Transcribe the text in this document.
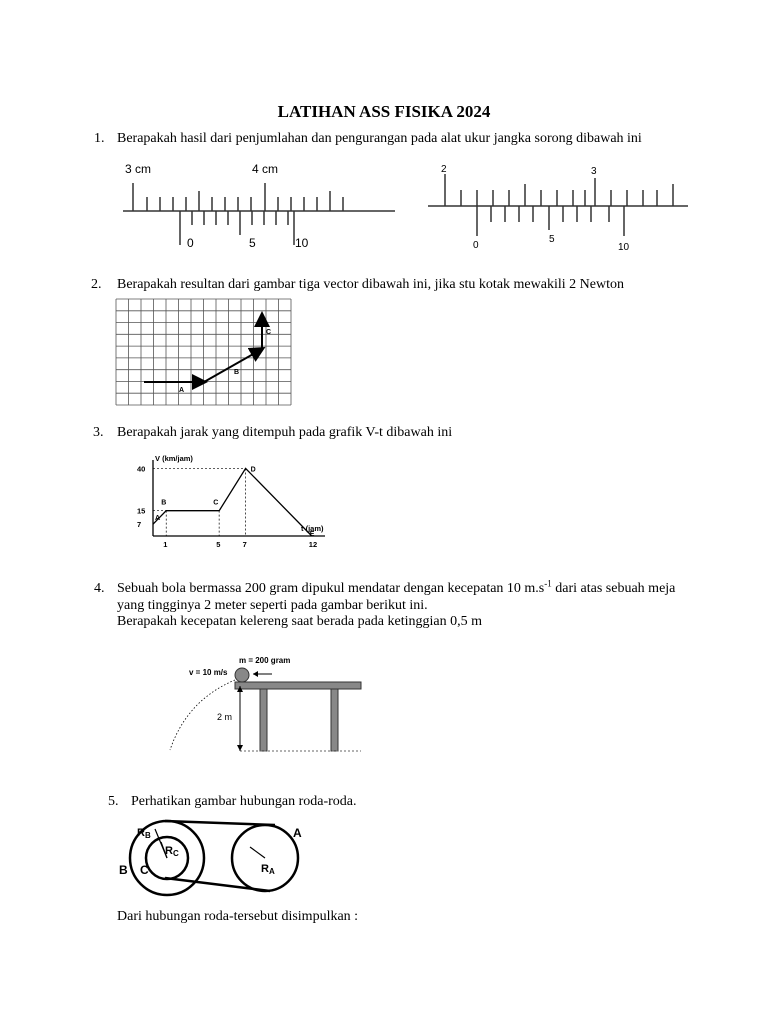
LATIHAN ASS FISIKA 2024
1. Berapakah hasil dari penjumlahan dan pengurangan pada alat ukur jangka sorong dibawah ini
3 cm	4 cm
0	5	10
2	3
0
5
10
2. Berapakah resultan dari gambar tiga vector dibawah ini, jika stu kotak mewakili 2 Newton
A
B
C
3. Berapakah jarak yang ditempuh pada grafik V-t dibawah ini
V (km/jam)
t (jam)
40
15
7
1	5	7	12
A
B	C
D
E
4. Sebuah bola bermassa 200 gram dipukul mendatar dengan kecepatan 10 $m.s^{-1}$ dari atas sebuah meja
yang tingginya 2 meter seperti pada gambar berikut ini.
Berapakah kecepatan kelereng saat berada pada ketinggian 0,5 m
m = 200 gram
v = 10 m/s
2 m
5. Perhatikan gambar hubungan roda-roda.
Dari hubungan roda-tersebut disimpulkan :
RB
RC
RA
A
B C
